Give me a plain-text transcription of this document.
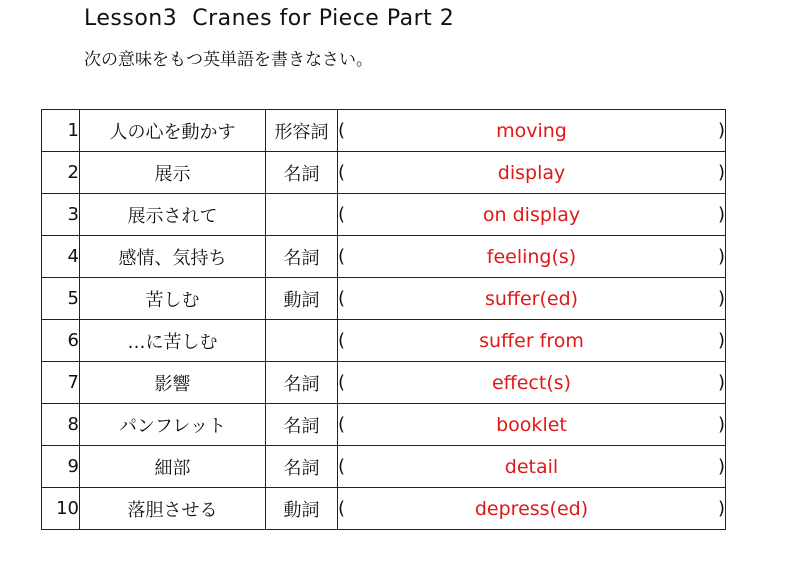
Lesson3  Cranes for Piece Part 2
次の意味をもつ英単語を書きなさい。
1	人の心を動かす	形容詞	( moving )

2	展示	名詞	( display )

3	展示されて		( on display )

4	感情、気持ち	名詞	( feeling(s) )

5	苦しむ	動詞	( suffer(ed) )

6	…に苦しむ		( suffer from )

7	影響	名詞	( effect(s) )

8	パンフレット	名詞	( booklet )

9	細部	名詞	( detail )

10	落胆させる	動詞	( depress(ed) )
